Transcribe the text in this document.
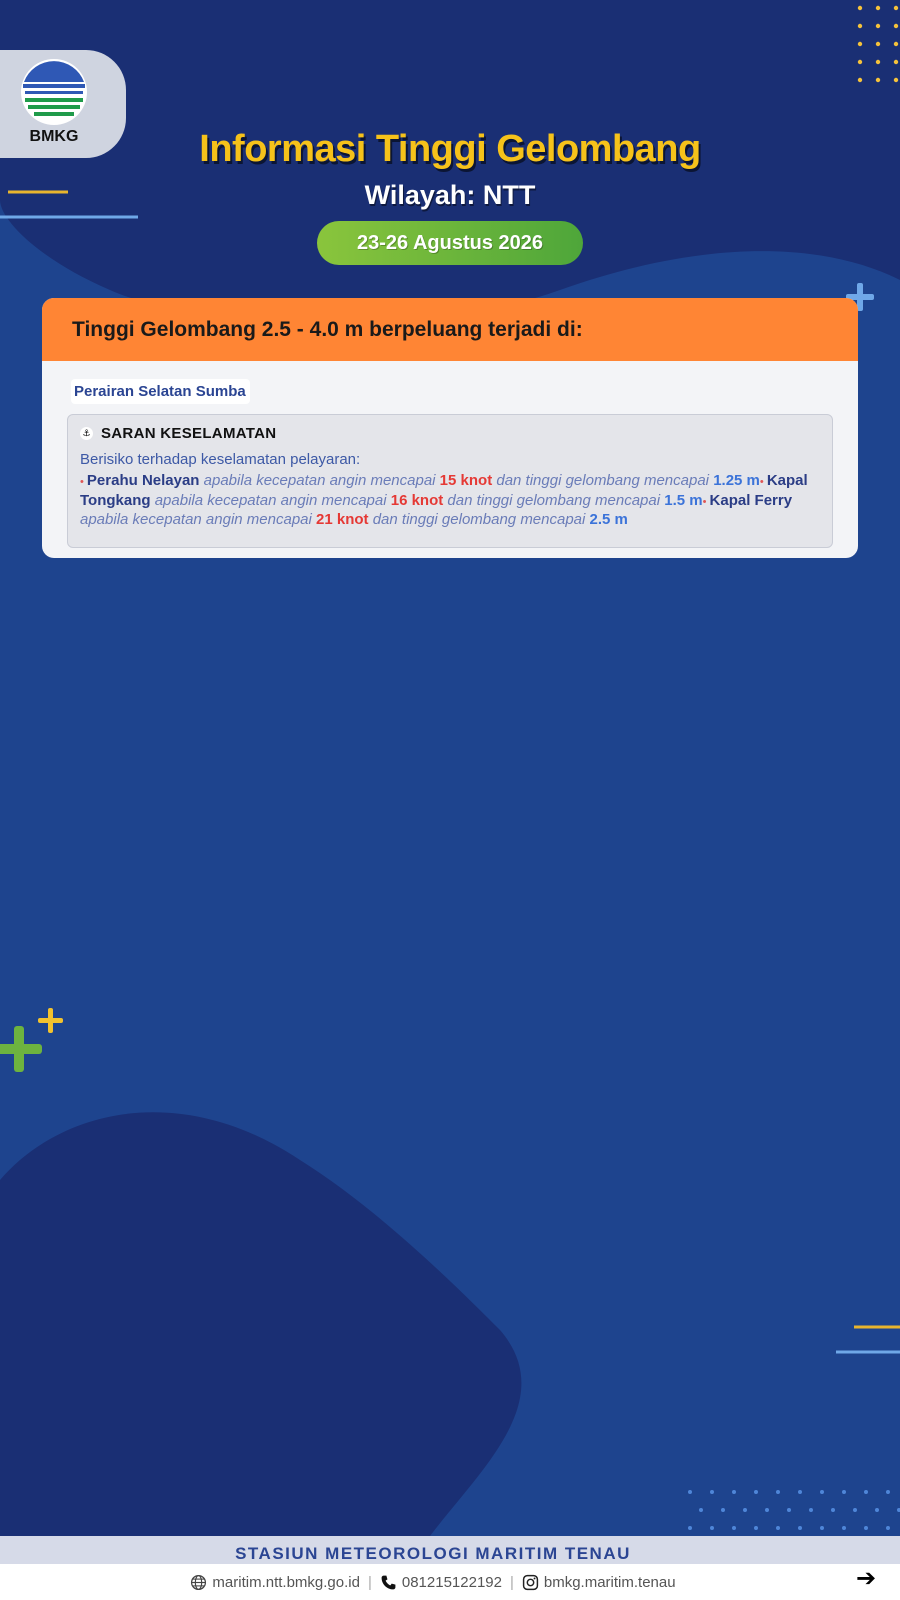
BMKG	Informasi Tinggi Gelombang
Wilayah: NTT
23-26 Agustus 2026
Tinggi Gelombang 2.5 - 4.0 m berpeluang terjadi di:
Perairan Selatan Sumba
⚓ SARAN KESELAMATAN
Berisiko terhadap keselamatan pelayaran:
• Perahu Nelayan apabila kecepatan angin mencapai 15 knot dan tinggi gelombang mencapai 1.25 m• Kapal Tongkang apabila kecepatan angin mencapai 16 knot dan tinggi gelombang mencapai 1.5 m• Kapal Ferry apabila kecepatan angin mencapai 21 knot dan tinggi gelombang mencapai 2.5 m
STASIUN METEOROLOGI MARITIM TENAU
maritim.ntt.bmkg.go.id | 081215122192 | bmkg.maritim.tenau	➔
